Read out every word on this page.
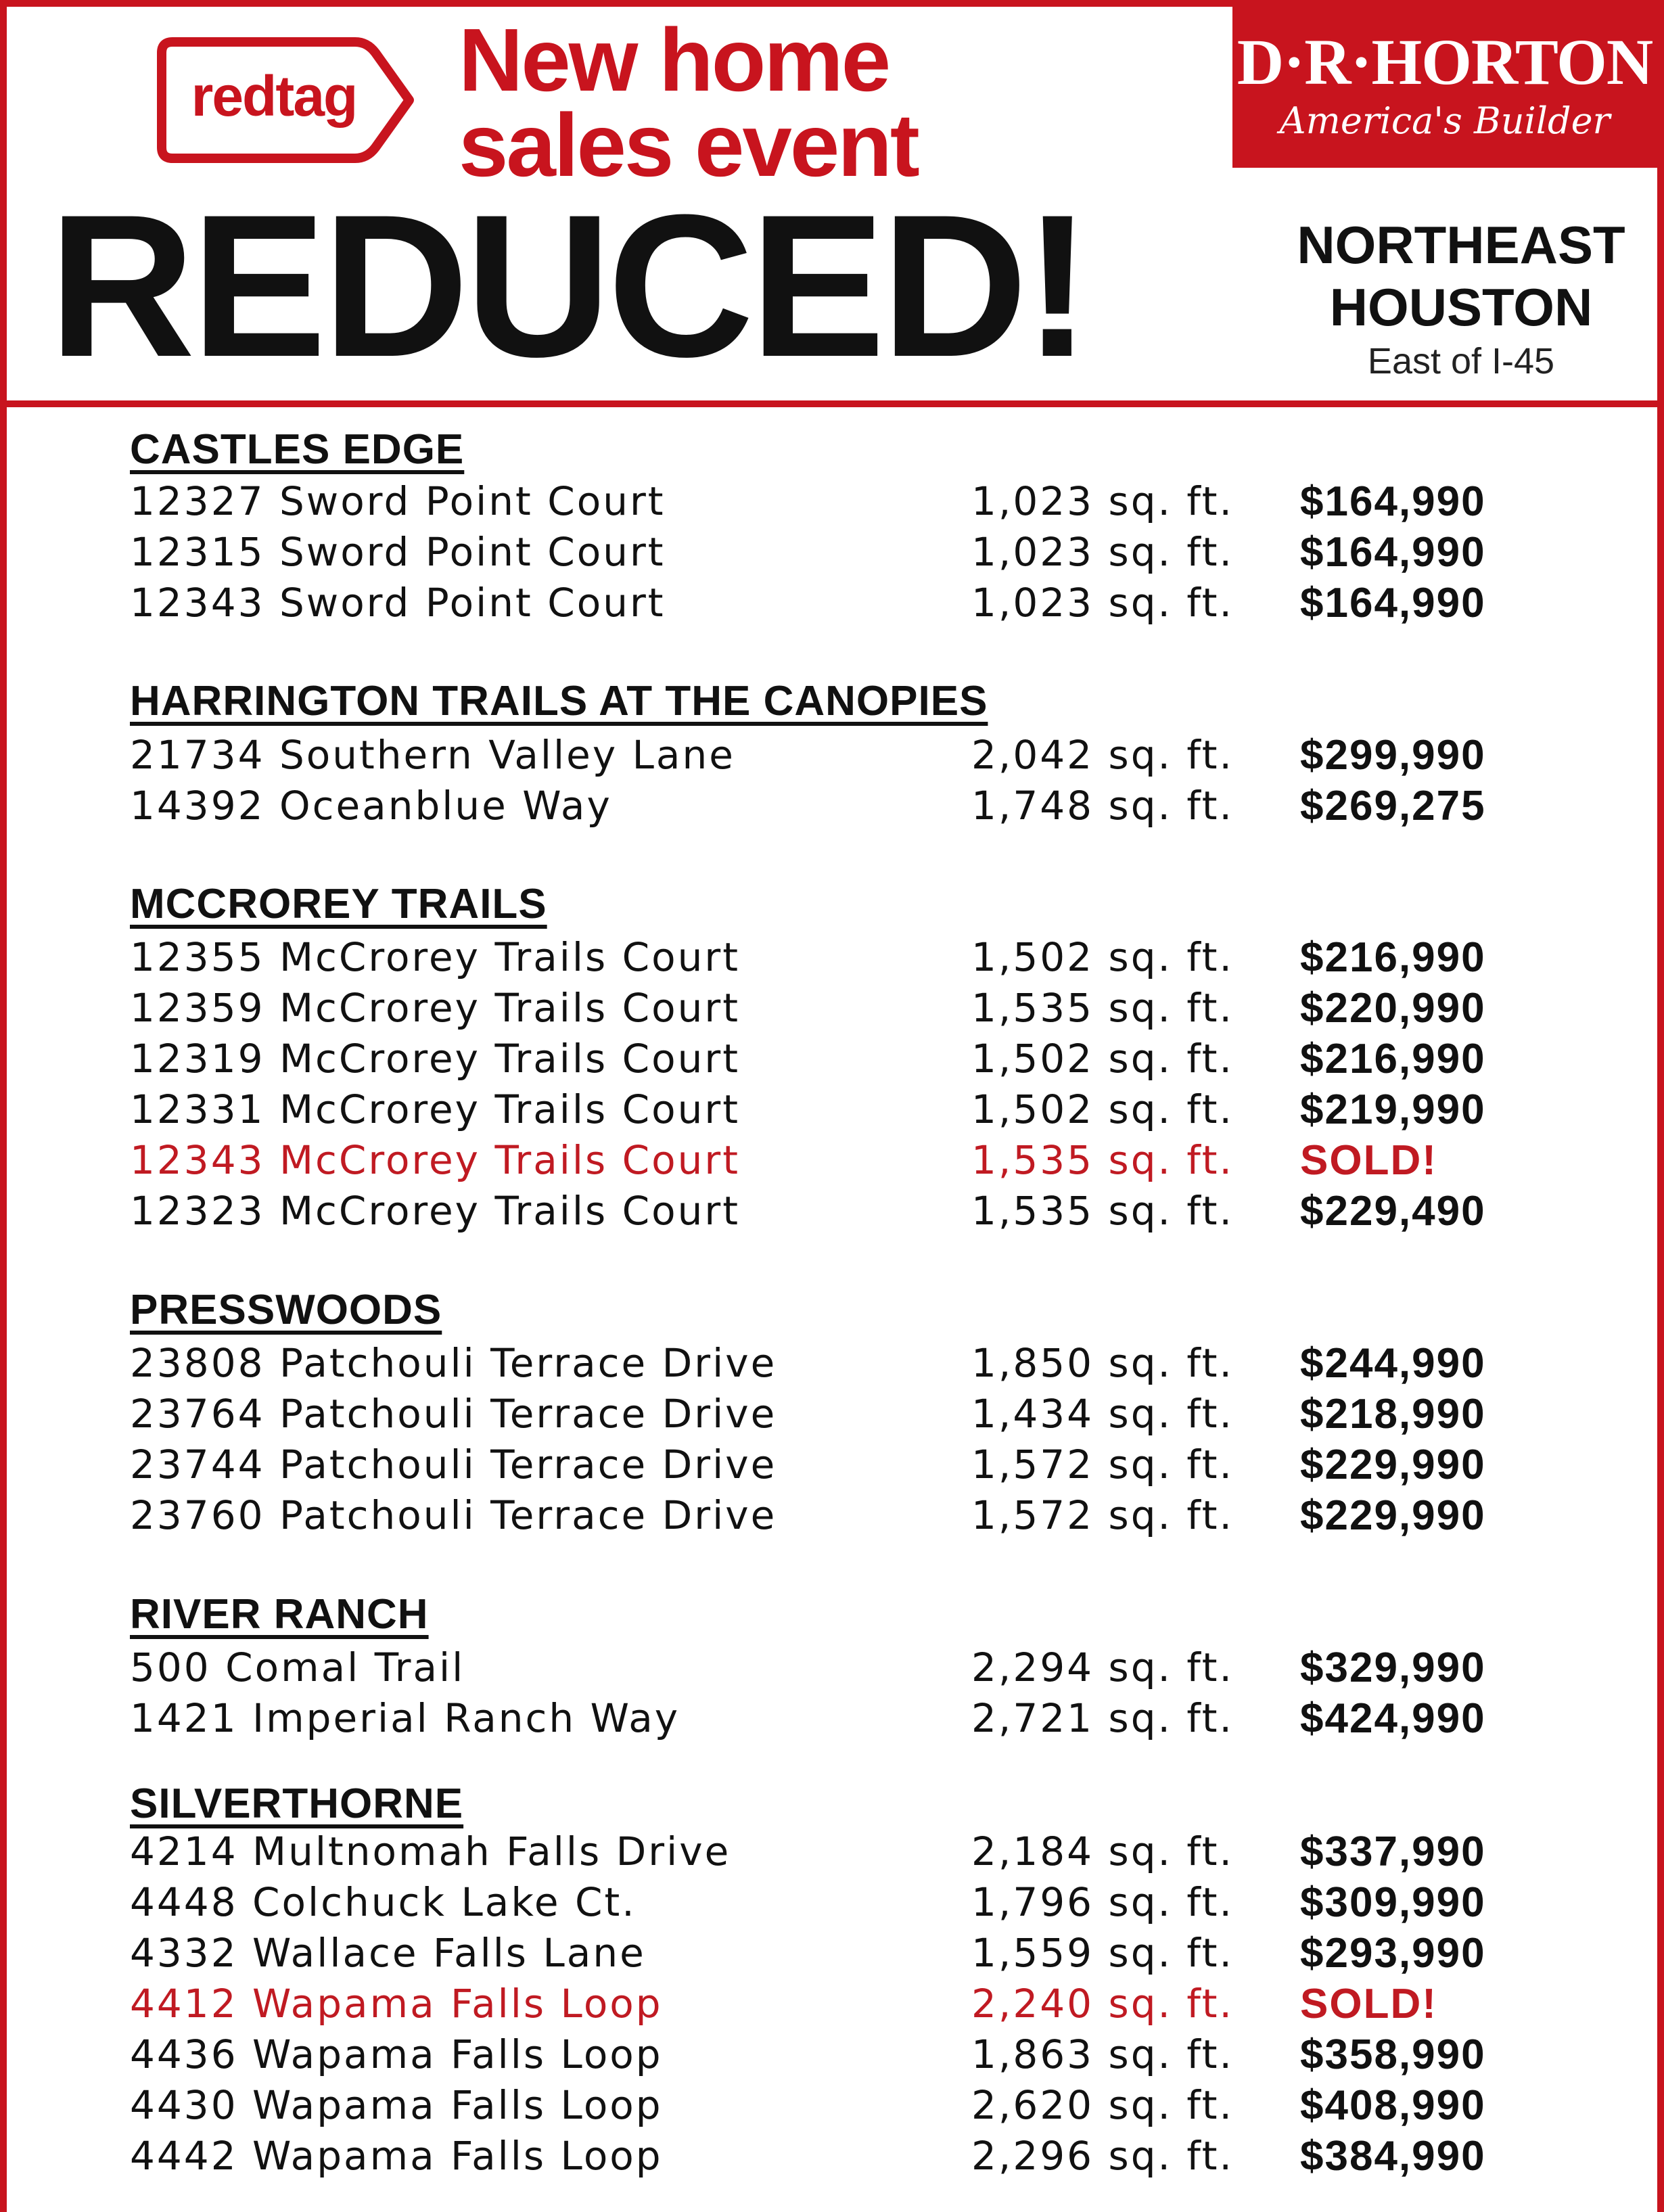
redtag New home
sales event
REDUCED!
D·R·HORTON
America's Builder
NORTHEAST
HOUSTON
East of I-45
CASTLES EDGE
12327 Sword Point Court	1,023 sq. ft. $164,990
12315 Sword Point Court	1,023 sq. ft. $164,990
12343 Sword Point Court	1,023 sq. ft. $164,990
HARRINGTON TRAILS AT THE CANOPIES
21734 Southern Valley Lane	2,042 sq. ft. $299,990
14392 Oceanblue Way	1,748 sq. ft. $269,275
MCCROREY TRAILS
12355 McCrorey Trails Court	1,502 sq. ft. $216,990
12359 McCrorey Trails Court	1,535 sq. ft. $220,990
12319 McCrorey Trails Court	1,502 sq. ft. $216,990
12331 McCrorey Trails Court	1,502 sq. ft. $219,990
12343 McCrorey Trails Court	1,535 sq. ft. SOLD!
12323 McCrorey Trails Court	1,535 sq. ft. $229,490
PRESSWOODS
23808 Patchouli Terrace Drive	1,850 sq. ft. $244,990
23764 Patchouli Terrace Drive	1,434 sq. ft. $218,990
23744 Patchouli Terrace Drive	1,572 sq. ft. $229,990
23760 Patchouli Terrace Drive	1,572 sq. ft. $229,990
RIVER RANCH
500 Comal Trail	2,294 sq. ft. $329,990
1421 Imperial Ranch Way	2,721 sq. ft. $424,990
SILVERTHORNE
4214 Multnomah Falls Drive	2,184 sq. ft. $337,990
4448 Colchuck Lake Ct.	1,796 sq. ft. $309,990
4332 Wallace Falls Lane	1,559 sq. ft. $293,990
4412 Wapama Falls Loop	2,240 sq. ft. SOLD!
4436 Wapama Falls Loop	1,863 sq. ft. $358,990
4430 Wapama Falls Loop	2,620 sq. ft. $408,990
4442 Wapama Falls Loop	2,296 sq. ft. $384,990
